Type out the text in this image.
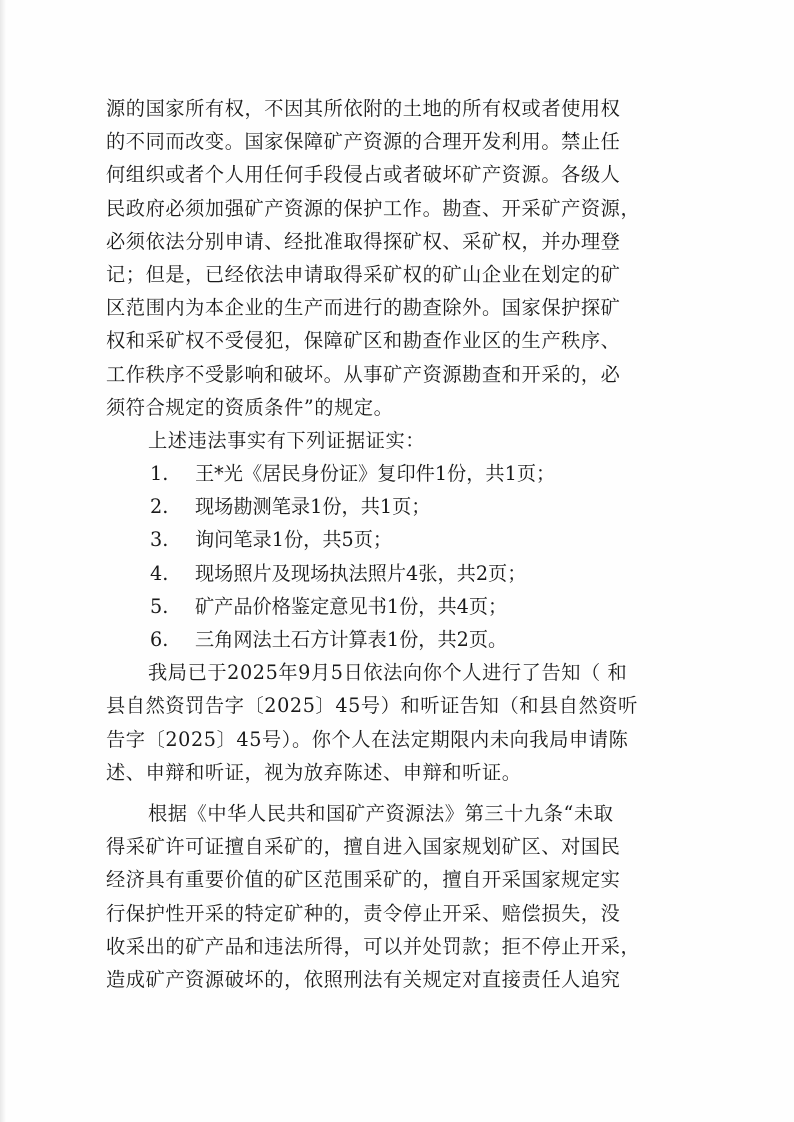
源的国家所有权，不因其所依附的土地的所有权或者使用权
的不同而改变。国家保障矿产资源的合理开发利用。禁止任
何组织或者个人用任何手段侵占或者破坏矿产资源。各级人
民政府必须加强矿产资源的保护工作。勘查、开采矿产资源，
必须依法分别申请、经批准取得探矿权、采矿权，并办理登
记；但是，已经依法申请取得采矿权的矿山企业在划定的矿
区范围内为本企业的生产而进行的勘查除外。国家保护探矿
权和采矿权不受侵犯，保障矿区和勘查作业区的生产秩序、
工作秩序不受影响和破坏。从事矿产资源勘查和开采的，必
须符合规定的资质条件”的规定。
上述违法事实有下列证据证实：
1. 王*光《居民身份证》复印件1份，共1页；
2. 现场勘测笔录1份，共1页；
3. 询问笔录1份，共5页；
4. 现场照片及现场执法照片4张，共2页；
5. 矿产品价格鉴定意见书1份，共4页；
6. 三角网法土石方计算表1份，共2页。
我局已于2025年9月5日依法向你个人进行了告知（ 和
县自然资罚告字〔2025〕45号）和听证告知（和县自然资听
告字〔2025〕45号）。你个人在法定期限内未向我局申请陈
述、申辩和听证，视为放弃陈述、申辩和听证。
根据《中华人民共和国矿产资源法》第三十九条“未取
得采矿许可证擅自采矿的，擅自进入国家规划矿区、对国民
经济具有重要价值的矿区范围采矿的，擅自开采国家规定实
行保护性开采的特定矿种的，责令停止开采、赔偿损失，没
收采出的矿产品和违法所得，可以并处罚款；拒不停止开采，
造成矿产资源破坏的，依照刑法有关规定对直接责任人追究
